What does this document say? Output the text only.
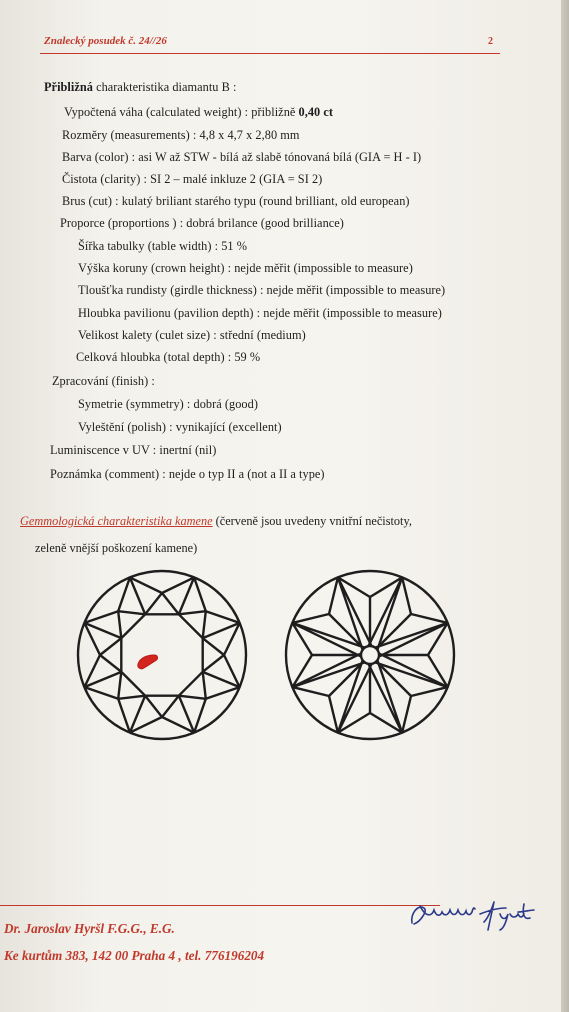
Znalecký posudek č. 24//26	2
Přibližná charakteristika diamantu B :
Vypočtená váha (calculated weight) : přibližně 0,40 ct
Rozměry (measurements) : 4,8 x 4,7 x 2,80 mm
Barva (color) : asi W až STW - bílá až slabě tónovaná bílá (GIA = H - I)
Čistota (clarity) : SI 2 – malé inkluze 2 (GIA = SI 2)
Brus (cut) : kulatý briliant starého typu (round brilliant, old european)
Proporce (proportions ) : dobrá brilance (good brilliance)
Šířka tabulky (table width) : 51 %
Výška koruny (crown height) : nejde měřit (impossible to measure)
Tloušťka rundisty (girdle thickness) : nejde měřit (impossible to measure)
Hloubka pavilionu (pavilion depth) : nejde měřit (impossible to measure)
Velikost kalety (culet size) : střední (medium)
Celková hloubka (total depth) : 59 %
Zpracování (finish) :
Symetrie (symmetry) : dobrá (good)
Vyleštění (polish) : vynikající (excellent)
Luminiscence v UV : inertní (nil)
Poznámka (comment) : nejde o typ II a (not a II a type)
Gemmologická charakteristika kamene (červeně jsou uvedeny vnitřní nečistoty,
zeleně vnější poškození kamene)
Dr. Jaroslav Hyršl F.G.G., E.G.
Ke kurtům 383, 142 00 Praha 4 , tel. 776196204
